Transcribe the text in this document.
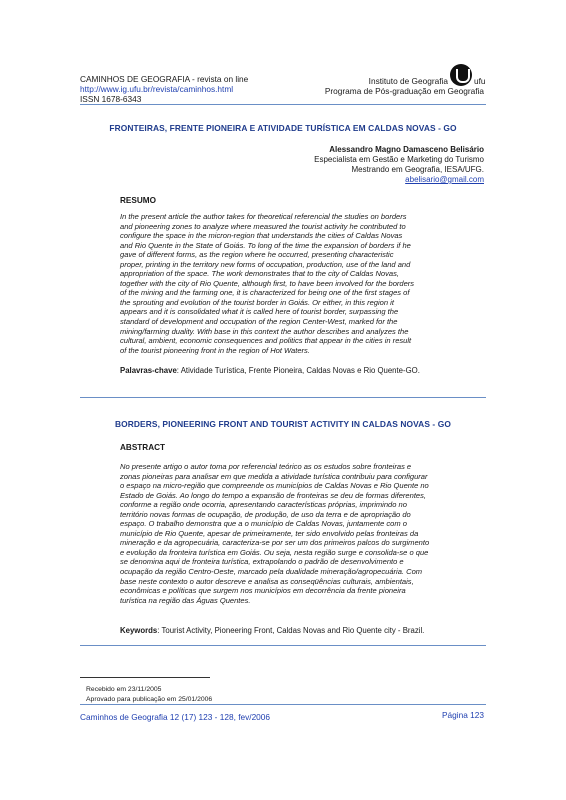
CAMINHOS DE GEOGRAFIA - revista on line
http://www.ig.ufu.br/revista/caminhos.html
ISSN 1678-6343
ufu
Instituto de Geografia
Programa de Pós-graduação em Geografia
FRONTEIRAS, FRENTE PIONEIRA E ATIVIDADE TURÍSTICA EM CALDAS NOVAS - GO
Alessandro Magno Damasceno Belisário
Especialista em Gestão e Marketing do Turismo
Mestrando em Geografia, IESA/UFG.
abelisario@gmail.com
RESUMO
In the present article the author takes for theoretical referencial the studies on borders
and pioneering zones to analyze where measured the tourist activity he contributed to
configure the space in the micron-region that understands the cities of Caldas Novas
and Rio Quente in the State of Goiás. To long of the time the expansion of borders if he
gave of different forms, as the region where he occurred, presenting characteristic
proper, printing in the territory new forms of occupation, production, use of the land and
appropriation of the space. The work demonstrates that to the city of Caldas Novas,
together with the city of Rio Quente, although first, to have been involved for the borders
of the mining and the farming one, it is characterized for being one of the first stages of
the sprouting and evolution of the tourist border in Goiás. Or either, in this region it
appears and it is consolidated what it is called here of tourist border, surpassing the
standard of development and occupation of the region Center-West, marked for the
mining/farming duality. With base in this context the author describes and analyzes the
cultural, ambient, economic consequences and politics that appear in the cities in result
of the tourist pioneering front in the region of Hot Waters.
Palavras-chave: Atividade Turística, Frente Pioneira, Caldas Novas e Rio Quente-GO.
BORDERS, PIONEERING FRONT AND TOURIST ACTIVITY IN CALDAS NOVAS - GO
ABSTRACT
No presente artigo o autor toma por referencial teórico as os estudos sobre fronteiras e
zonas pioneiras para analisar em que medida a atividade turística contribuiu para configurar
o espaço na micro-região que compreende os municípios de Caldas Novas e Rio Quente no
Estado de Goiás. Ao longo do tempo a expansão de fronteiras se deu de formas diferentes,
conforme a região onde ocorria, apresentando características próprias, imprimindo no
território novas formas de ocupação, de produção, de uso da terra e de apropriação do
espaço. O trabalho demonstra que a o município de Caldas Novas, juntamente com o
município de Rio Quente, apesar de primeiramente, ter sido envolvido pelas fronteiras da
mineração e da agropecuária, caracteriza-se por ser um dos primeiros palcos do surgimento
e evolução da fronteira turística em Goiás. Ou seja, nesta região surge e consolida-se o que
se denomina aqui de fronteira turística, extrapolando o padrão de desenvolvimento e
ocupação da região Centro-Oeste, marcado pela dualidade mineração/agropecuária. Com
base neste contexto o autor descreve e analisa as conseqüências culturais, ambientais,
econômicas e políticas que surgem nos municípios em decorrência da frente pioneira
turística na região das Águas Quentes.
Keywords: Tourist Activity, Pioneering Front, Caldas Novas and Rio Quente city - Brazil.
Recebido em 23/11/2005
Aprovado para publicação em 25/01/2006
Caminhos de Geografia 12 (17) 123 - 128, fev/2006	Página 123
